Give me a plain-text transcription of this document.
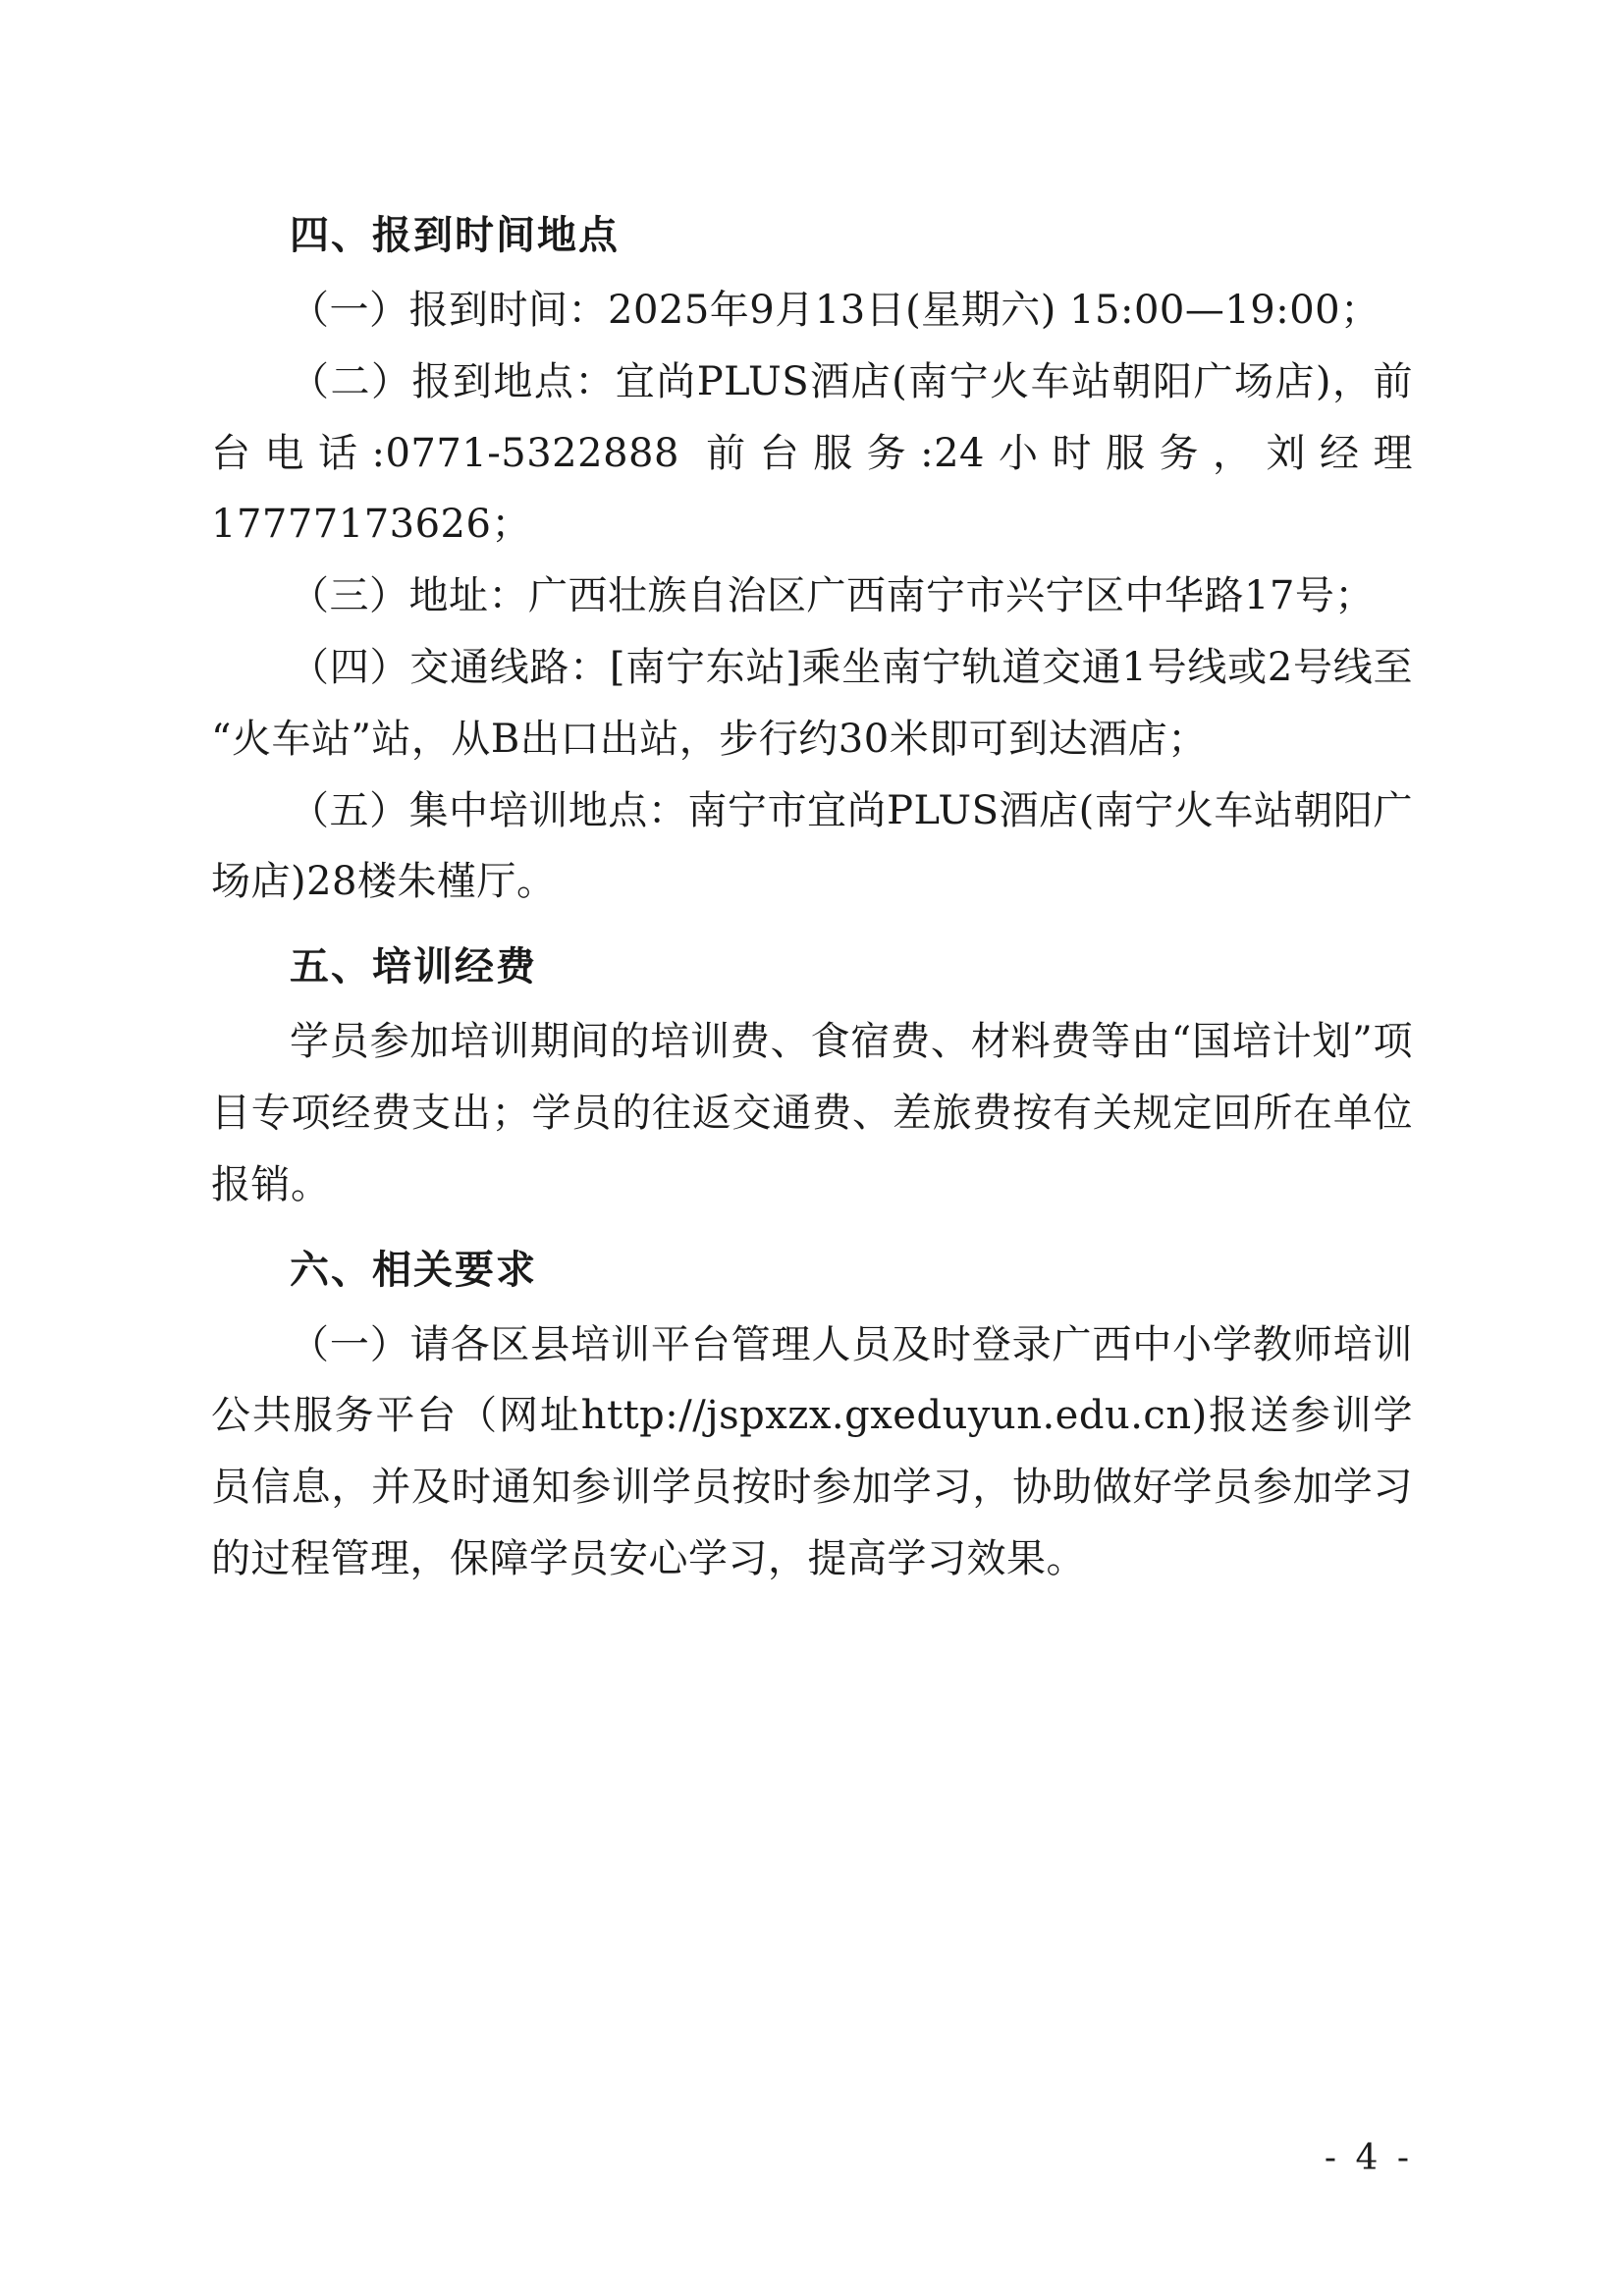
四、报到时间地点

（一）报到时间：2025年9月13日(星期六) 15:00—19:00；

（二）报到地点：宜尚PLUS酒店(南宁火车站朝阳广场店)，前台电话:0771-5322888 前台服务:24小时服务，刘经理17777173626；

（三）地址：广西壮族自治区广西南宁市兴宁区中华路17号；

（四）交通线路：[南宁东站]乘坐南宁轨道交通1号线或2号线至“火车站”站，从B出口出站，步行约30米即可到达酒店；

（五）集中培训地点：南宁市宜尚PLUS酒店(南宁火车站朝阳广场店)28楼朱槿厅。

五、培训经费

学员参加培训期间的培训费、食宿费、材料费等由“国培计划”项目专项经费支出；学员的往返交通费、差旅费按有关规定回所在单位报销。

六、相关要求

（一）请各区县培训平台管理人员及时登录广西中小学教师培训公共服务平台（网址http://jspxzx.gxeduyun.edu.cn)报送参训学员信息，并及时通知参训学员按时参加学习，协助做好学员参加学习的过程管理，保障学员安心学习，提高学习效果。

- 4 -
